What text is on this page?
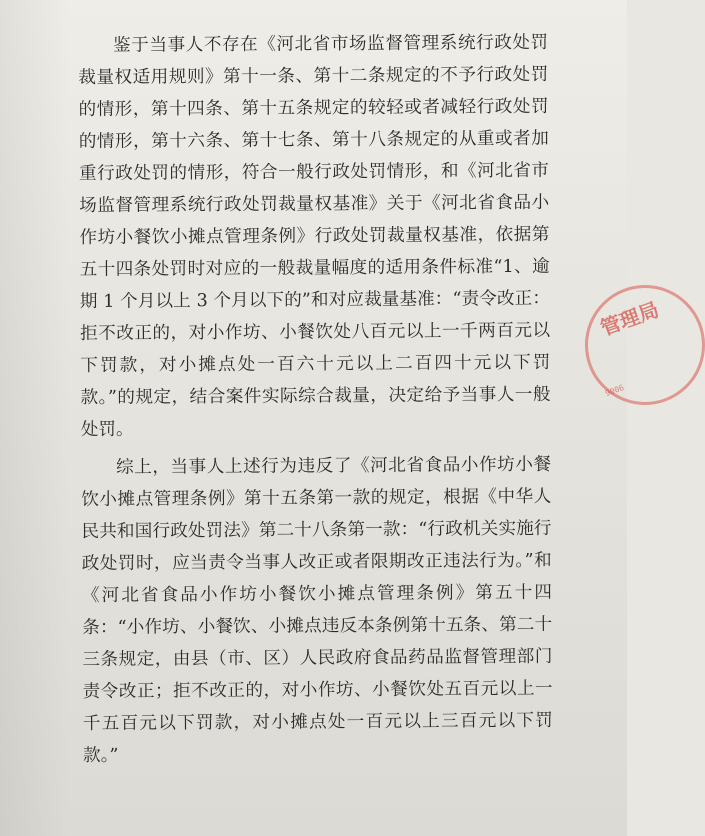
鉴于当事人不存在《河北省市场监督管理系统行政处罚裁量权适用规则》第十一条、第十二条规定的不予行政处罚的情形，第十四条、第十五条规定的较轻或者减轻行政处罚的情形，第十六条、第十七条、第十八条规定的从重或者加重行政处罚的情形，符合一般行政处罚情形，和《河北省市场监督管理系统行政处罚裁量权基准》关于《河北省食品小作坊小餐饮小摊点管理条例》行政处罚裁量权基准，依据第五十四条处罚时对应的一般裁量幅度的适用条件标准“1、逾期 1 个月以上 3 个月以下的”和对应裁量基准：“责令改正：拒不改正的，对小作坊、小餐饮处八百元以上一千两百元以下罚款，对小摊点处一百六十元以上二百四十元以下罚款。”的规定，结合案件实际综合裁量，决定给予当事人一般处罚。

综上，当事人上述行为违反了《河北省食品小作坊小餐饮小摊点管理条例》第十五条第一款的规定，根据《中华人民共和国行政处罚法》第二十八条第一款：“行政机关实施行政处罚时，应当责令当事人改正或者限期改正违法行为。”和《河北省食品小作坊小餐饮小摊点管理条例》第五十四条：“小作坊、小餐饮、小摊点违反本条例第十五条、第二十三条规定，由县（市、区）人民政府食品药品监督管理部门责令改正；拒不改正的，对小作坊、小餐饮处五百元以上一千五百元以下罚款，对小摊点处一百元以上三百元以下罚款。”

管理局
9006
